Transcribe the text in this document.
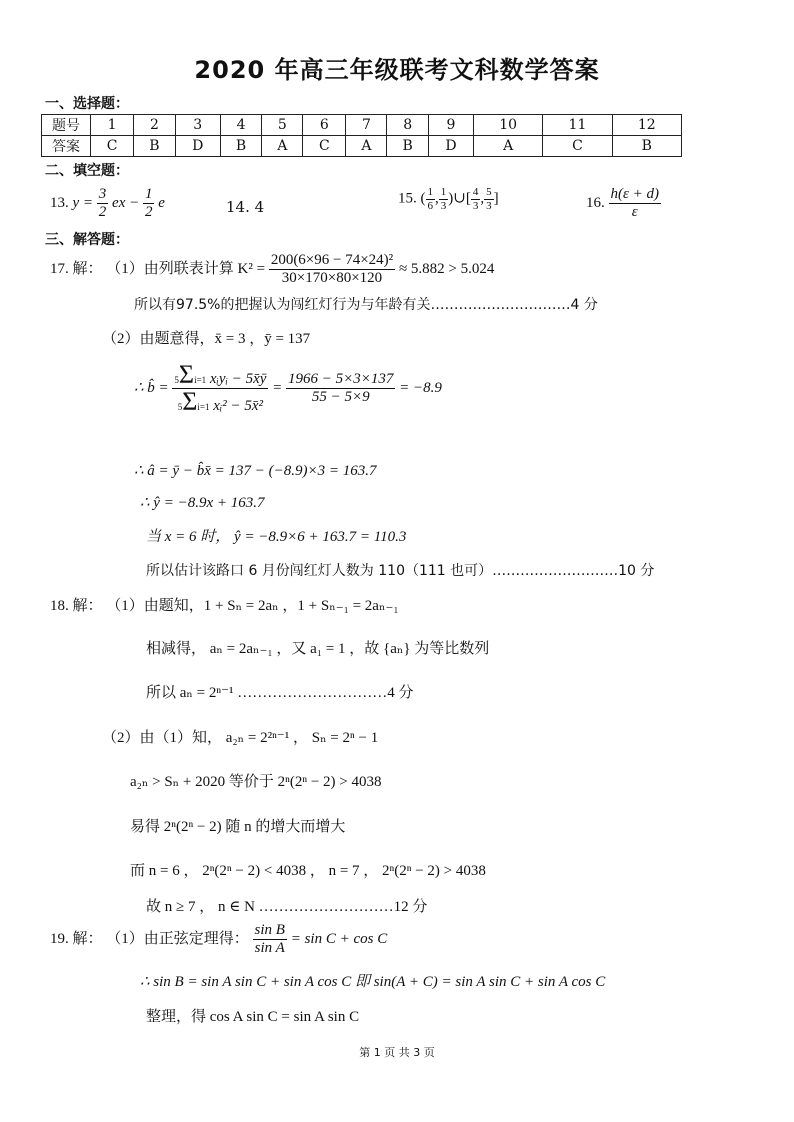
2020 年高三年级联考文科数学答案
一、选择题：
题号	1	2	3	4	5	6	7	8	9	10	11	12
答案	C	B	D	B	A	C	A	B	D	A	C	B
二、填空题：
13. $y = \frac{3}{2}$ ex − $\frac{1}{2}$ e	14. 4	15. ( $\frac{1}{6}$ , $\frac{1}{3}$ )∪[ $\frac{4}{3}$ , $\frac{5}{3}$ ]	16. $\frac{h(\varepsilon + d)}{\varepsilon}$
三、解答题：
17. 解： （1）由列联表计算 $K^2 = \frac{\text{200(6×96 − 74×24)²}}{30\times 170\times 80\times 120} \approx 5.882 > 5.024$
所以有97.5%的把握认为闯红灯行为与年龄有关…………………………4 分
（2）由题意得，x̄ = 3 ，ȳ = 137
∴ b̂ = $\frac{\text{5Σi=1 xᵢyᵢ − 5x̄ȳ}}{\text{5Σi=1 xᵢ² − 5x̄²}} = \frac{1966 - 5\times 3\times 137}{55 - 5\times 9} = -8.9$
∴ â = ȳ − b̂x̄ = 137 − (−8.9)×3 = 163.7
∴ ŷ = −8.9x + 163.7
当 x = 6 时， ŷ = −8.9×6 + 163.7 = 110.3
所以估计该路口 6 月份闯红灯人数为 110（111 也可）………………………10 分
18. 解： （1）由题知，1 + Sₙ = 2aₙ ，1 + Sₙ₋₁ = 2aₙ₋₁
相减得， aₙ = 2aₙ₋₁ ，又 a₁ = 1 ，故 {aₙ} 为等比数列
所以 aₙ = 2ⁿ⁻¹ …………………………4 分
（2）由（1）知， a₂ₙ = 2²ⁿ⁻¹ ， Sₙ = 2ⁿ − 1
a₂ₙ > Sₙ + 2020 等价于 2ⁿ(2ⁿ − 2) > 4038
易得 2ⁿ(2ⁿ − 2) 随 n 的增大而增大
而 n = 6 ， 2ⁿ(2ⁿ − 2) < 4038 ， n = 7 ， 2ⁿ(2ⁿ − 2) > 4038
故 n ≥ 7 ， n ∈ N ………………………12 分
19. 解： （1）由正弦定理得： $\frac{\text{sin B}}{\text{sin A}} = \sin C + \cos C$
∴ sin B = sin A sin C + sin A cos C 即 sin(A + C) = sin A sin C + sin A cos C
整理，得 cos A sin C = sin A sin C
第 1 页 共 3 页
